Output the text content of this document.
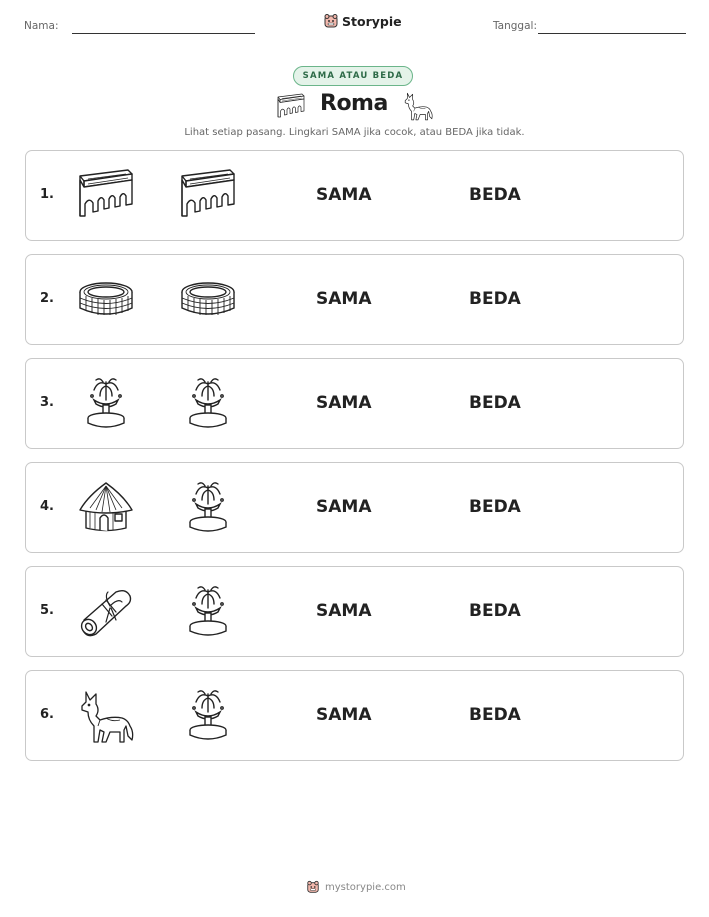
Nama:	Storypie	Tanggal:
SAMA ATAU BEDA
Roma
Lihat setiap pasang. Lingkari SAMA jika cocok, atau BEDA jika tidak.
1.	SAMA	BEDA
2.	SAMA	BEDA
3.	SAMA	BEDA
4.	SAMA	BEDA
5.	SAMA	BEDA
6.	SAMA	BEDA
mystorypie.com
